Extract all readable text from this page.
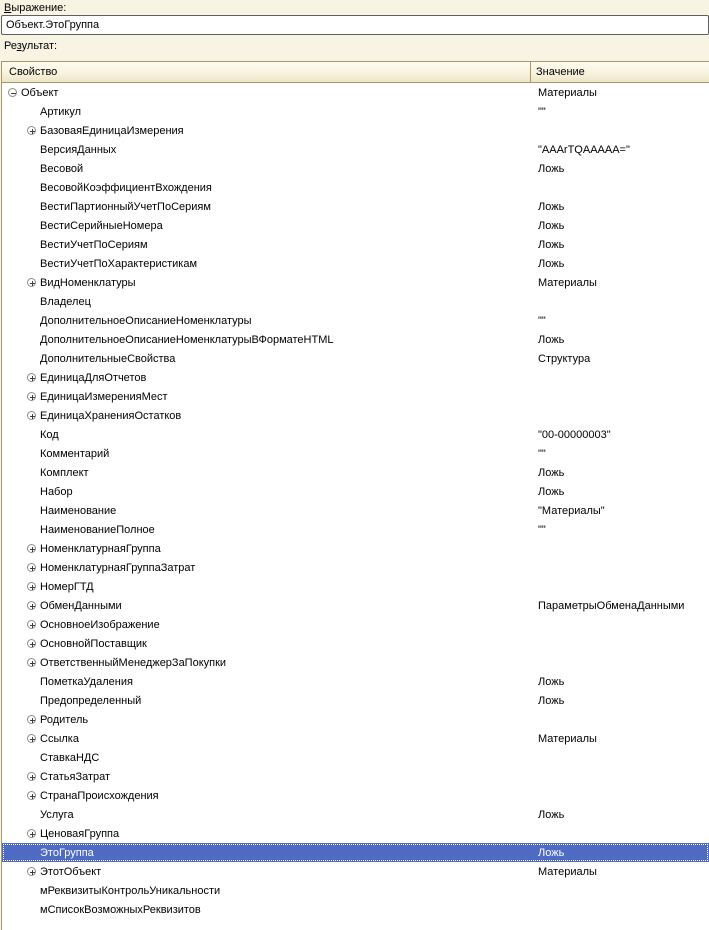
Выражение:
Объект.ЭтоГруппа
Результат:
Свойство	Значение
Объект	Материалы
Артикул	""
БазоваяЕдиницаИзмерения
ВерсияДанных	"AAArTQAAAAA="
Весовой	Ложь
ВесовойКоэффициентВхождения
ВестиПартионныйУчетПоСериям	Ложь
ВестиСерийныеНомера	Ложь
ВестиУчетПоСериям	Ложь
ВестиУчетПоХарактеристикам	Ложь
ВидНоменклатуры	Материалы
Владелец
ДополнительноеОписаниеНоменклатуры	""
ДополнительноеОписаниеНоменклатурыВФорматеHTML	Ложь
ДополнительныеСвойства	Структура
ЕдиницаДляОтчетов
ЕдиницаИзмеренияМест
ЕдиницаХраненияОстатков
Код	"00-00000003"
Комментарий	""
Комплект	Ложь
Набор	Ложь
Наименование	"Материалы"
НаименованиеПолное	""
НоменклатурнаяГруппа
НоменклатурнаяГруппаЗатрат
НомерГТД
ОбменДанными	ПараметрыОбменаДанными
ОсновноеИзображение
ОсновнойПоставщик
ОтветственныйМенеджерЗаПокупки
ПометкаУдаления	Ложь
Предопределенный	Ложь
Родитель
Ссылка	Материалы
СтавкаНДС
СтатьяЗатрат
СтранаПроисхождения
Услуга	Ложь
ЦеноваяГруппа
ЭтоГруппа	Ложь
ЭтотОбъект	Материалы
мРеквизитыКонтрольУникальности
мСписокВозможныхРеквизитов
